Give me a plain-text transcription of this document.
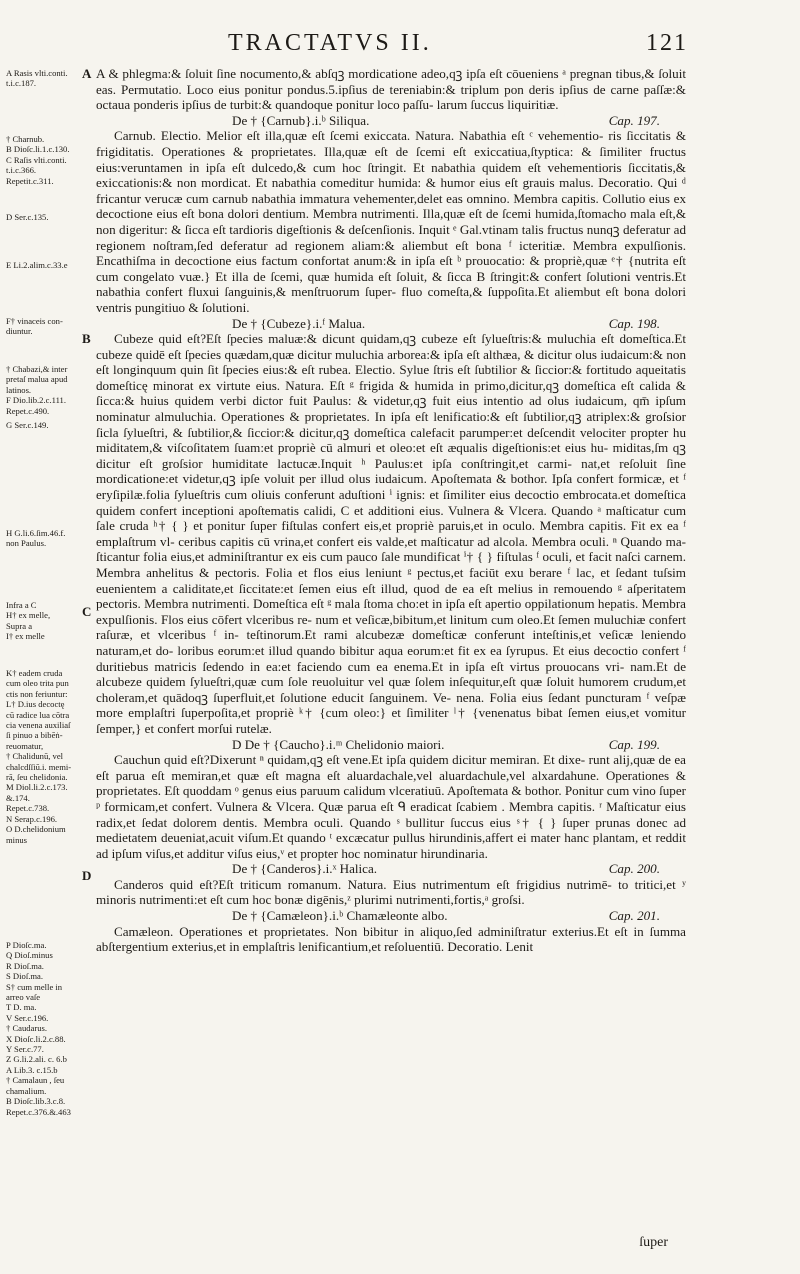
TRACTATVS II.	121
A Rasis vlti.conti.
t.i.c.187.
† Charnub.
B Dioſc.li.1.c.130.
C Raſis vlti.conti.
t.i.c.366.
Repetit.c.311.
D Ser.c.135.
E Li.2.alim.c.33.e
F† vinaceis con-
diuntur.
† Chabazi,& inter
pretaſ malua apud
latinos.
F Dio.lib.2.c.111.
Repet.c.490.
G Ser.c.149.
H G.li.6.ſim.46.f.
non Paulus.
Infra a C
H† ex melle,
Supra a
I† ex melle
K† eadem cruda
cum oleo trita pun
ctis non feriuntur:
L† D.ius decoctę
cū radice lua cōtra
cia venena auxiliaſ
ſi pinuo a bibēṅ-
reuomatur,
† Chalidunū, vel
chalcdſſiū.i. memi-
rā, ſeu chelidonia.
M Diol.li.2.c.173.
&.174.
Repet.c.738.
N Serap.c.196.
O D.chelidonium
minus
P Dioſc.ma.
Q Dioſ.minus
R Dioſ.ma.
S Dioſ.ma.
S† cum melle in
arreo vaſe
T D. ma.
V Ser.c.196.
† Caudarus.
X Dioſc.li.2.c.88.
Y Ser.c.77.
Z G.li.2.ali. c. 6.b
A Lib.3. c.15.b
† Camalaun , ſeu
chamalium.
B Dioſc.lib.3.c.8.
Repet.c.376.&.463
A
B
C
D

A & phlegma:& ſoluit ſine nocumento,& abſqꝫ mordicatione adeo,qꝫ ipſa eſt cōueniens ᵃ pregnan tibus,& ſoluit eas. Permutatio. Loco eius ponitur pondus.5.ipſius de tereniabin:& triplum pon deris ipſius de carne paſſæ:& octaua ponderis ipſius de turbit:& quandoque ponitur loco paſſu- larum ſuccus liquiritiæ.

De † {Carnub}.i.ᵇ Siliqua.	Cap. 197.

Carnub. Electio. Melior eſt illa,quæ eſt ſcemi exiccata. Natura. Nabathia eſt ᶜ vehementio- ris ſiccitatis & frigiditatis. Operationes & proprietates. Illa,quæ eſt de ſcemi eſt exiccatiua,ſtyptica: & ſimiliter fructus eius:veruntamen in ipſa eſt dulcedo,& cum hoc ſtringit. Et nabathia quidem eſt vehementioris ſiccitatis,& exiccationis:& non mordicat. Et nabathia comeditur humida: & humor eius eſt grauis malus. Decoratio. Qui ᵈ fricantur verucæ cum carnub nabathia immatura vehementer,delet eas omnino. Membra capitis. Collutio eius ex decoctione eius eſt bona dolori dentium. Membra nutrimenti. Illa,quæ eſt de ſcemi humida,ſtomacho mala eſt,& non digeritur: & ſicca eſt tardioris digeſtionis & deſcenſionis. Inquit ᵉ Gal.vtinam talis fructus nunqꝫ deferatur ad regionem noſtram,ſed deferatur ad regionem aliam:& aliembut eſt bona ᶠ icteritiæ. Membra expulſionis. Encathiſma in decoctione eius factum confortat anum:& in ipſa eſt ᵇ prouocatio: & propriè,quæ ᵉ† {nutrita eſt cum congelato vuæ.} Et illa de ſcemi, quæ humida eſt ſoluit, & ſicca B ſtringit:& confert ſolutioni ventris.Et nabathia confert fluxui ſanguinis,& menſtruorum ſuper- fluo comeſta,& ſuppoſita.Et aliembut eſt bona dolori ventris pungitiuo & ſolutioni.

De † {Cubeze}.i.ᶠ Malua.	Cap. 198.

Cubeze quid eſt?Eſt ſpecies maluæ:& dicunt quidam,qꝫ cubeze eſt ſylueſtris:& muluchia eſt domeſtica.Et cubeze quidē eſt ſpecies quædam,quæ dicitur muluchia arborea:& ipſa eſt althæa, & dicitur olus iudaicum:& non eſt longinquum quin ſit ſpecies eius:& eſt rubea. Electio. Sylue ſtris eſt ſubtilior & ſiccior:& fortitudo aqueitatis domeſticę minorat ex virtute eius. Natura. Eſt ᵍ frigida & humida in primo,dicitur,qꝫ domeſtica eſt calida & ſicca:& huius quidem verbi dictor fuit Paulus: & videtur,qꝫ fuit eius intentio ad olus iudaicum, qm̄ ipſum nominatur almuluchia. Operationes & proprietates. In ipſa eſt lenificatio:& eſt ſubtilior,qꝫ atriplex:& groſsior ſicla ſylueſtri, & ſubtilior,& ſiccior:& dicitur,qꝫ domeſtica calefacit parumper:et deſcendit velociter propter hu miditatem,& viſcoſitatem ſuam:et propriè cū almuri et oleo:et eſt æqualis digeſtionis:et eius hu- miditas,ſm qꝫ dicitur eſt groſsior humiditate lactucæ.Inquit ʰ Paulus:et ipſa conſtringit,et carmi- nat,et reſoluit ſine mordicatione:et videtur,qꝫ ipſe voluit per illud olus iudaicum. Apoſtemata & bothor. Ipſa confert formicæ, et ᶠ eryſipilæ.folia ſylueſtris cum oliuis conferunt aduſtioni ⁱ ignis: et ſimiliter eius decoctio embrocata.et domeſtica quidem confert inceptioni apoſtematis calidi, C et additioni eius. Vulnera & Vlcera. Quando ᵃ maſticatur cum ſale cruda ʰ† { } et ponitur ſuper fiſtulas confert eis,et propriè paruis,et in oculo. Membra capitis. Fit ex ea ᶠ emplaſtrum vl- ceribus capitis cū vrina,et confert eis valde,et maſticatur ad alcola. Membra oculi. ⁿ Quando ma- ſticantur folia eius,et adminiſtrantur ex eis cum pauco ſale mundificat ⁱ† { } fiſtulas ᶠ oculi, et facit naſci carnem. Membra anhelitus & pectoris. Folia et flos eius leniunt ᵍ pectus,et faciūt exu berare ᶠ lac, et ſedant tuſsim euenientem a caliditate,et ſiccitate:et ſemen eius eſt illud, quod de ea eſt melius in remouendo ᵍ aſperitatem pectoris. Membra nutrimenti. Domeſtica eſt ᵍ mala ſtoma cho:et in ipſa eſt apertio oppilationum hepatis. Membra expulſionis. Flos eius cōfert vlceribus re- num et veſicæ,bibitum,et linitum cum oleo.Et ſemen muluchiæ confert raſuræ, et vlceribus ᶠ in- teſtinorum.Et rami alcubezæ domeſticæ conferunt inteſtinis,et veſicæ leniendo naturam,et do- loribus eorum:et illud quando bibitur aqua eorum:et fit ex ea ſyrupus. Et eius decoctio confert ᶠ duritiebus matricis ſedendo in ea:et faciendo cum ea enema.Et in ipſa eſt virtus prouocans vri- nam.Et de alcubeze quidem ſylueſtri,quæ cum ſole reuoluitur vel quæ ſolem inſequitur,eſt quæ ſoluit humorem crudum,et choleram,et quādoqꝫ ſuperfluit,et ſolutione educit ſanguinem. Ve- nena. Folia eius ſedant puncturam ᶠ veſpæ more emplaſtri ſuperpoſita,et propriè ᵏ† {cum oleo:} et ſimiliter ˡ† {venenatus bibat ſemen eius,et vomitur ſemper,} et confert morſui rutelæ.

D De † {Caucho}.i.ᵐ Chelidonio maiori.	Cap. 199.

Cauchun quid eſt?Dixerunt ⁿ quidam,qꝫ eſt vene.Et ipſa quidem dicitur memiran. Et dixe- runt alij,quæ de ea eſt parua eſt memiran,et quæ eſt magna eſt aluardachale,vel aluardachule,vel alxardahune. Operationes & proprietates. Eſt quoddam ᵒ genus eius paruum calidum vlceratiuū. Apoſtemata & bothor. Ponitur cum vino ſuper ᵖ formicam,et confert. Vulnera & Vlcera. Quæ parua eſt ᑫ eradicat ſcabiem . Membra capitis. ʳ Maſticatur eius radix,et ſedat dolorem dentis. Membra oculi. Quando ˢ bullitur ſuccus eius ˢ† { } ſuper prunas donec ad medietatem deueniat,acuit viſum.Et quando ᵗ excæcatur pullus hirundinis,affert ei mater hanc plantam, et reddit ad ipſum viſus,et additur viſus eius,ᵛ et propter hoc nominatur hirundinaria.

De † {Canderos}.i.ˣ Halica.	Cap. 200.

Canderos quid eſt?Eſt triticum romanum. Natura. Eius nutrimentum eſt frigidius nutrimē- to tritici,et ʸ minoris nutrimenti:et eſt cum hoc bonæ digēnis,ᶻ plurimi nutrimenti,fortis,ᵃ groſsi.

De † {Camæleon}.i.ᵇ Chamæleonte albo.	Cap. 201.

Camæleon. Operationes et proprietates. Non bibitur in aliquo,ſed adminiſtratur exterius.Et eſt in ſumma abſtergentium exterius,et in emplaſtris lenificantium,et reſoluentiū. Decoratio. Lenit

ſuper
